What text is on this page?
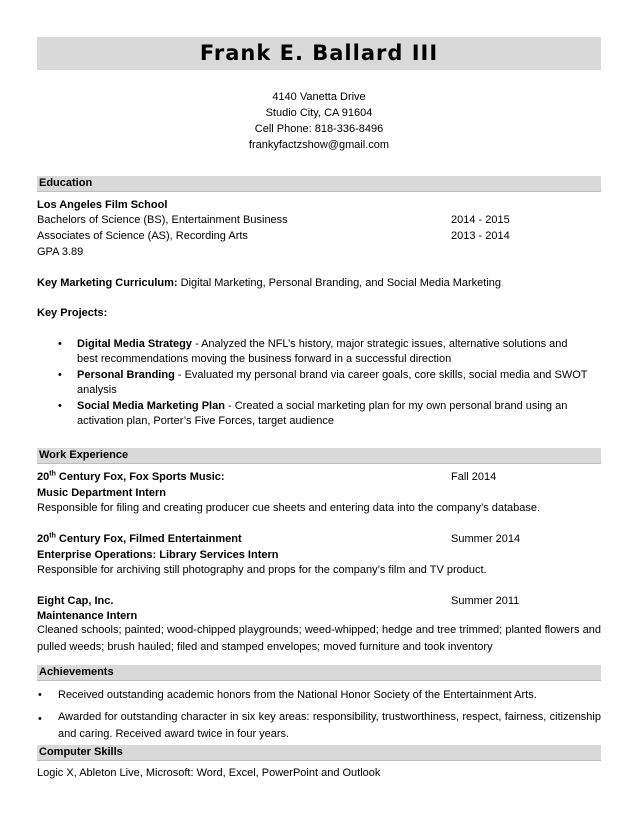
Frank E. Ballard III
4140 Vanetta Drive
Studio City, CA 91604
Cell Phone: 818-336-8496
frankyfactzshow@gmail.com
Education
Los Angeles Film School
Bachelors of Science (BS), Entertainment Business	2014 - 2015
Associates of Science (AS), Recording Arts	2013 - 2014
GPA 3.89
Key Marketing Curriculum: Digital Marketing, Personal Branding, and Social Media Marketing
Key Projects:
• Digital Media Strategy - Analyzed the NFL’s history, major strategic issues, alternative solutions and
best recommendations moving the business forward in a successful direction
• Personal Branding - Evaluated my personal brand via career goals, core skills, social media and SWOT
analysis
• Social Media Marketing Plan - Created a social marketing plan for my own personal brand using an
activation plan, Porter’s Five Forces, target audience
Work Experience
20th Century Fox, Fox Sports Music:	Fall 2014
Music Department Intern
Responsible for filing and creating producer cue sheets and entering data into the company’s database.
20th Century Fox, Filmed Entertainment	Summer 2014
Enterprise Operations: Library Services Intern
Responsible for archiving still photography and props for the company’s film and TV product.
Eight Cap, Inc.	Summer 2011
Maintenance Intern
Cleaned schools; painted; wood-chipped playgrounds; weed-whipped; hedge and tree trimmed; planted flowers and pulled weeds; brush hauled; filed and stamped envelopes; moved furniture and took inventory
Achievements
• Received outstanding academic honors from the National Honor Society of the Entertainment Arts.
• Awarded for outstanding character in six key areas: responsibility, trustworthiness, respect, fairness, citizenship and caring. Received award twice in four years.
Computer Skills
Logic X, Ableton Live, Microsoft: Word, Excel, PowerPoint and Outlook
